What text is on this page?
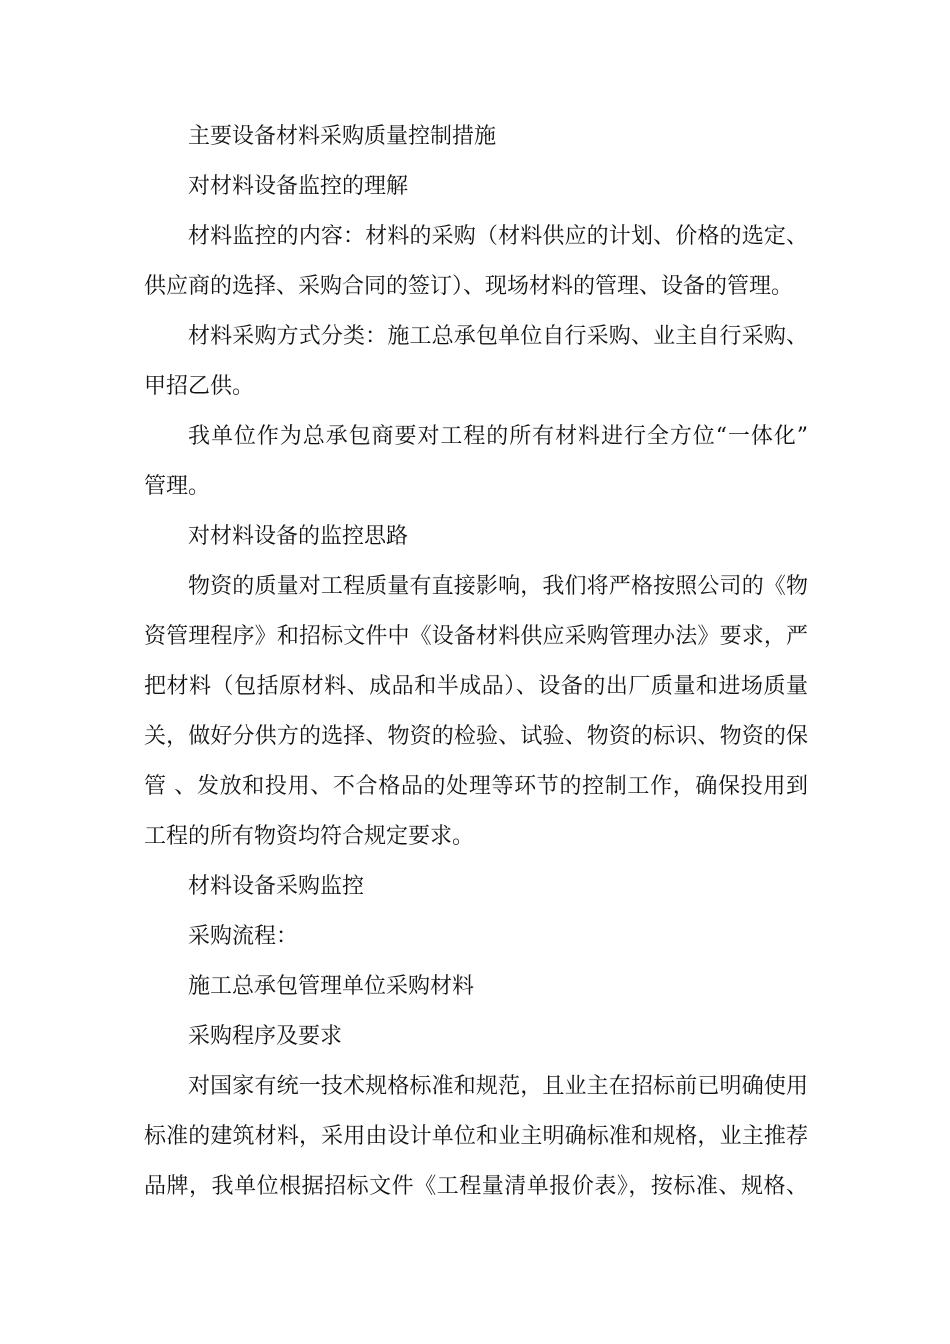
主要设备材料采购质量控制措施
对材料设备监控的理解
材料监控的内容：材料的采购（材料供应的计划、价格的选定、
供应商的选择、采购合同的签订）、现场材料的管理、设备的管理。
材料采购方式分类：施工总承包单位自行采购、业主自行采购、
甲招乙供。
我单位作为总承包商要对工程的所有材料进行全方位“一体化”
管理。
对材料设备的监控思路
物资的质量对工程质量有直接影响，我们将严格按照公司的《物
资管理程序》和招标文件中《设备材料供应采购管理办法》要求，严
把材料（包括原材料、成品和半成品）、设备的出厂质量和进场质量
关，做好分供方的选择、物资的检验、试验、物资的标识、物资的保
管 、发放和投用、不合格品的处理等环节的控制工作，确保投用到
工程的所有物资均符合规定要求。
材料设备采购监控
采购流程：
施工总承包管理单位采购材料
采购程序及要求
对国家有统一技术规格标准和规范，且业主在招标前已明确使用
标准的建筑材料，采用由设计单位和业主明确标准和规格，业主推荐
品牌，我单位根据招标文件《工程量清单报价表》，按标准、规格、
